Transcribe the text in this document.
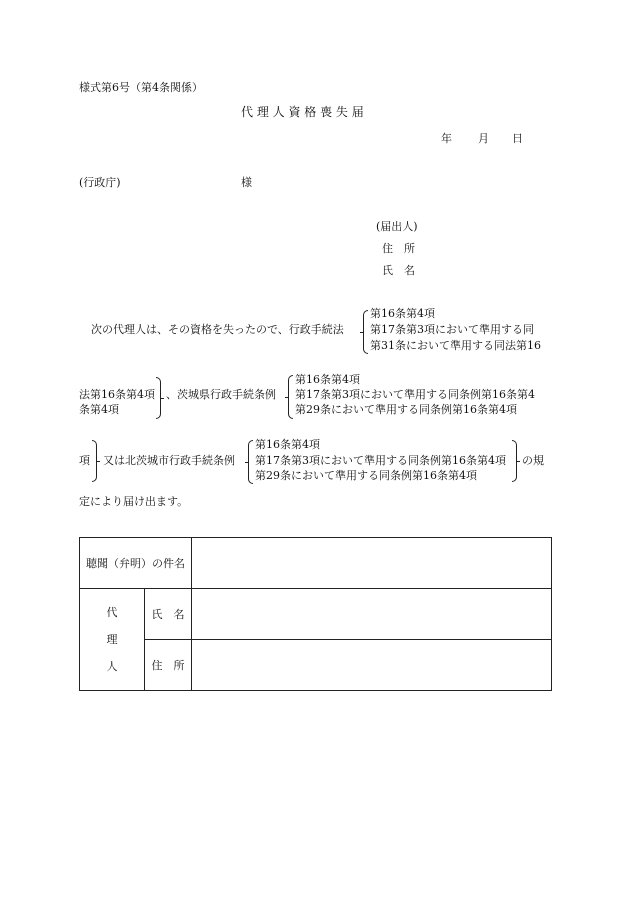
様式第6号（第4条関係）
代 理 人 資 格 喪 失 届
年 月 日
(行政庁)	様
(届出人)
住　所
氏　名
次の代理人は、その資格を失ったので、行政手続法
第16条第4項
第17条第3項において準用する同
第31条において準用する同法第16
法第16条第4項
条第4項
、茨城県行政手続条例
第16条第4項
第17条第3項において準用する同条例第16条第4
第29条において準用する同条例第16条第4項
項 又は北茨城市行政手続条例
第16条第4項
第17条第3項において準用する同条例第16条第4項
第29条において準用する同条例第16条第4項
の規
定により届け出ます。
聴聞（弁明）の件名		

代
理
人	氏　名	
	住　所	
